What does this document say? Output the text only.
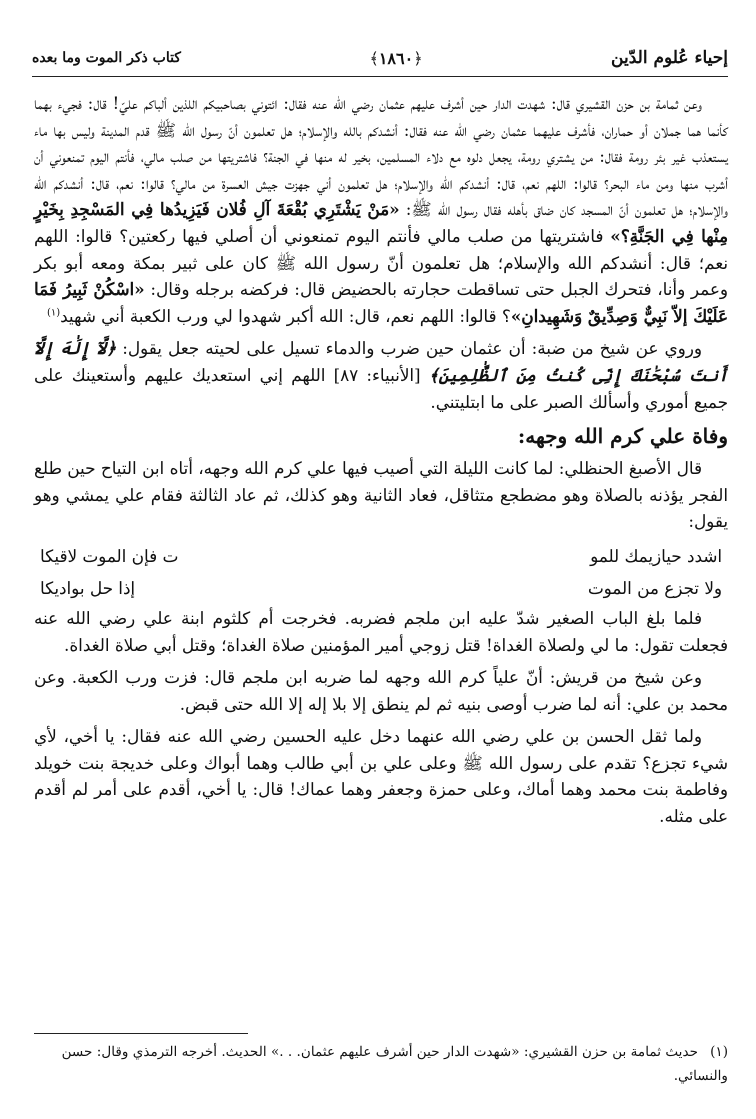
إحياء عُلوم الدّين
﴿١٨٦٠﴾
كتاب ذكر الموت وما بعده

وعن ثمامة بن حزن القشيري قال: شهدت الدار حين أشرف عليهم عثمان رضي الله عنه فقال: ائتوني بصاحبيكم اللذين ألباكم عليّ! قال: فجيء بهما كأنما هما جملان أو حماران، فأشرف عليهما عثمان رضي الله عنه فقال: أنشدكم بالله والإسلام؛ هل تعلمون أنّ رسول الله ﷺ قدم المدينة وليس بها ماء يستعذب غير بئر رومة فقال: من يشتري رومة، يجعل دلوه مع دلاء المسلمين، بخير له منها في الجنة؟ فاشتريتها من صلب مالي، فأنتم اليوم تمنعوني أن أشرب منها ومن ماء البحر؟ قالوا: اللهم نعم، قال: أنشدكم الله والإسلام؛ هل تعلمون أني جهزت جيش العسرة من مالي؟ قالوا: نعم، قال: أنشدكم الله والإسلام؛ هل تعلمون أنّ المسجد كان ضاق بأهله فقال رسول الله ﷺ: «مَنْ يَشْتَرِي بُقْعَةَ آلِ فُلان فَيَزِيدُها فِي المَسْجِدِ بِخَيْرٍ مِنْها فِي الجَنَّةِ؟» فاشتريتها من صلب مالي فأنتم اليوم تمنعوني أن أصلي فيها ركعتين؟ قالوا: اللهم نعم؛ قال: أنشدكم الله والإسلام؛ هل تعلمون أنّ رسول الله ﷺ كان على ثبير بمكة ومعه أبو بكر وعمر وأنا، فتحرك الجبل حتى تساقطت حجارته بالحضيض قال: فركضه برجله وقال: «اسْكُنْ ثَبِيرُ فَمَا عَلَيْكَ إلاّ نَبِيٌّ وَصِدِّيقٌ وَشَهِيدانِ»؟ قالوا: اللهم نعم، قال: الله أكبر شهدوا لي ورب الكعبة أني شهيد$^{(١)}$

وروي عن شيخ من ضبة: أن عثمان حين ضرب والدماء تسيل على لحيته جعل يقول: ﴿لَّآ إِلَٰهَ إِلَّآ أَنتَ سُبْحَٰنَكَ إِنِّى كُنتُ مِنَ ٱلظَّٰلِمِينَ﴾ [الأنبياء: ٨٧] اللهم إني استعديك عليهم وأستعينك على جميع أموري وأسألك الصبر على ما ابتليتني.

وفاة علي كرم الله وجهه:

قال الأصبغ الحنظلي: لما كانت الليلة التي أصيب فيها علي كرم الله وجهه، أتاه ابن التياح حين طلع الفجر يؤذنه بالصلاة وهو مضطجع متثاقل، فعاد الثانية وهو كذلك، ثم عاد الثالثة فقام علي يمشي وهو يقول:

اشدد حيازيمك للمو
ت فإن الموت لاقيكا
ولا تجزع من الموت
إذا حل بواديكا

فلما بلغ الباب الصغير شدّ عليه ابن ملجم فضربه. فخرجت أم كلثوم ابنة علي رضي الله عنه فجعلت تقول: ما لي ولصلاة الغداة! قتل زوجي أمير المؤمنين صلاة الغداة؛ وقتل أبي صلاة الغداة.

وعن شيخ من قريش: أنّ علياً كرم الله وجهه لما ضربه ابن ملجم قال: فزت ورب الكعبة. وعن محمد بن علي: أنه لما ضرب أوصى بنيه ثم لم ينطق إلا بلا إله إلا الله حتى قبض.

ولما ثقل الحسن بن علي رضي الله عنهما دخل عليه الحسين رضي الله عنه فقال: يا أخي، لأي شيء تجزع؟ تقدم على رسول الله ﷺ وعلى علي بن أبي طالب وهما أبواك وعلى خديجة بنت خويلد وفاطمة بنت محمد وهما أماك، وعلى حمزة وجعفر وهما عماك! قال: يا أخي، أقدم على أمر لم أقدم على مثله.

(١)حديث ثمامة بن حزن القشيري: «شهدت الدار حين أشرف عليهم عثمان. . .» الحديث. أخرجه الترمذي وقال: حسن والنسائي.
